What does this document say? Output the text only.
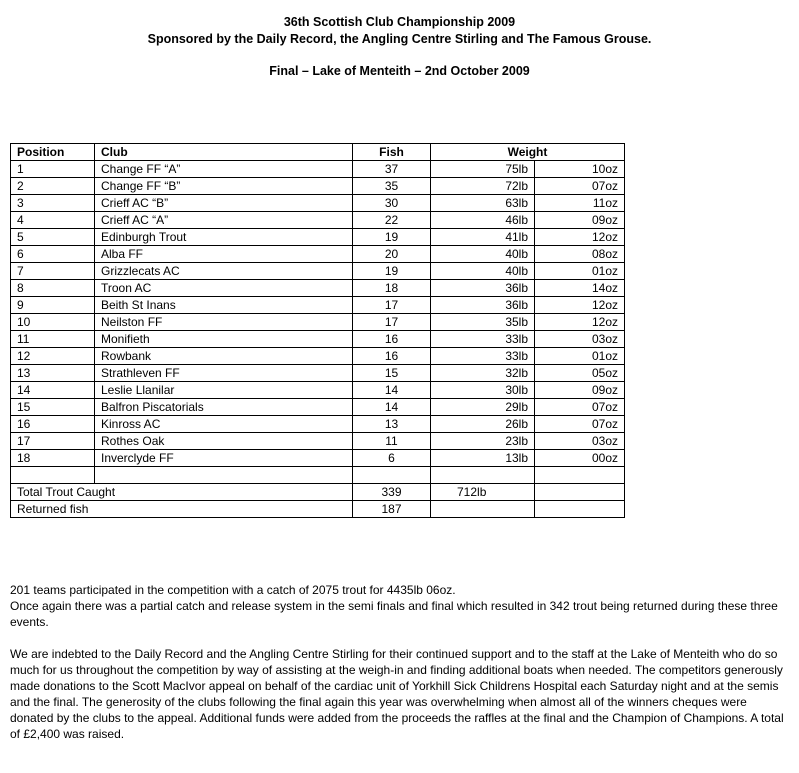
36th Scottish Club Championship 2009
Sponsored by the Daily Record, the Angling Centre Stirling and The Famous Grouse.
Final – Lake of Menteith – 2nd October 2009
Position	Club	Fish	Weight	
1	Change FF “A”	37	75lb	10oz
2	Change FF “B”	35	72lb	07oz
3	Crieff AC “B”	30	63lb	11oz
4	Crieff AC “A”	22	46lb	09oz
5	Edinburgh Trout	19	41lb	12oz
6	Alba FF	20	40lb	08oz
7	Grizzlecats AC	19	40lb	01oz
8	Troon AC	18	36lb	14oz
9	Beith St Inans	17	36lb	12oz
10	Neilston FF	17	35lb	12oz
11	Monifieth	16	33lb	03oz
12	Rowbank	16	33lb	01oz
13	Strathleven FF	15	32lb	05oz
14	Leslie Llanilar	14	30lb	09oz
15	Balfron Piscatorials	14	29lb	07oz
16	Kinross AC	13	26lb	07oz
17	Rothes Oak	11	23lb	03oz
18	Inverclyde FF	6	13lb	00oz

Total Trout Caught		339	712lb	
Returned fish		187		
201 teams participated in the competition with a catch of 2075 trout for 4435lb 06oz.
Once again there was a partial catch and release system in the semi finals and final which resulted in 342 trout being returned during these three events.
We are indebted to the Daily Record and the Angling Centre Stirling for their continued support and to the staff at the Lake of Menteith who do so much for us throughout the competition by way of assisting at the weigh-in and finding additional boats when needed. The competitors generously made donations to the Scott MacIvor appeal on behalf of the cardiac unit of Yorkhill Sick Childrens Hospital each Saturday night and at the semis and the final. The generosity of the clubs following the final again this year was overwhelming when almost all of the winners cheques were donated by the clubs to the appeal. Additional funds were added from the proceeds the raffles at the final and the Champion of Champions. A total of £2,400 was raised.
